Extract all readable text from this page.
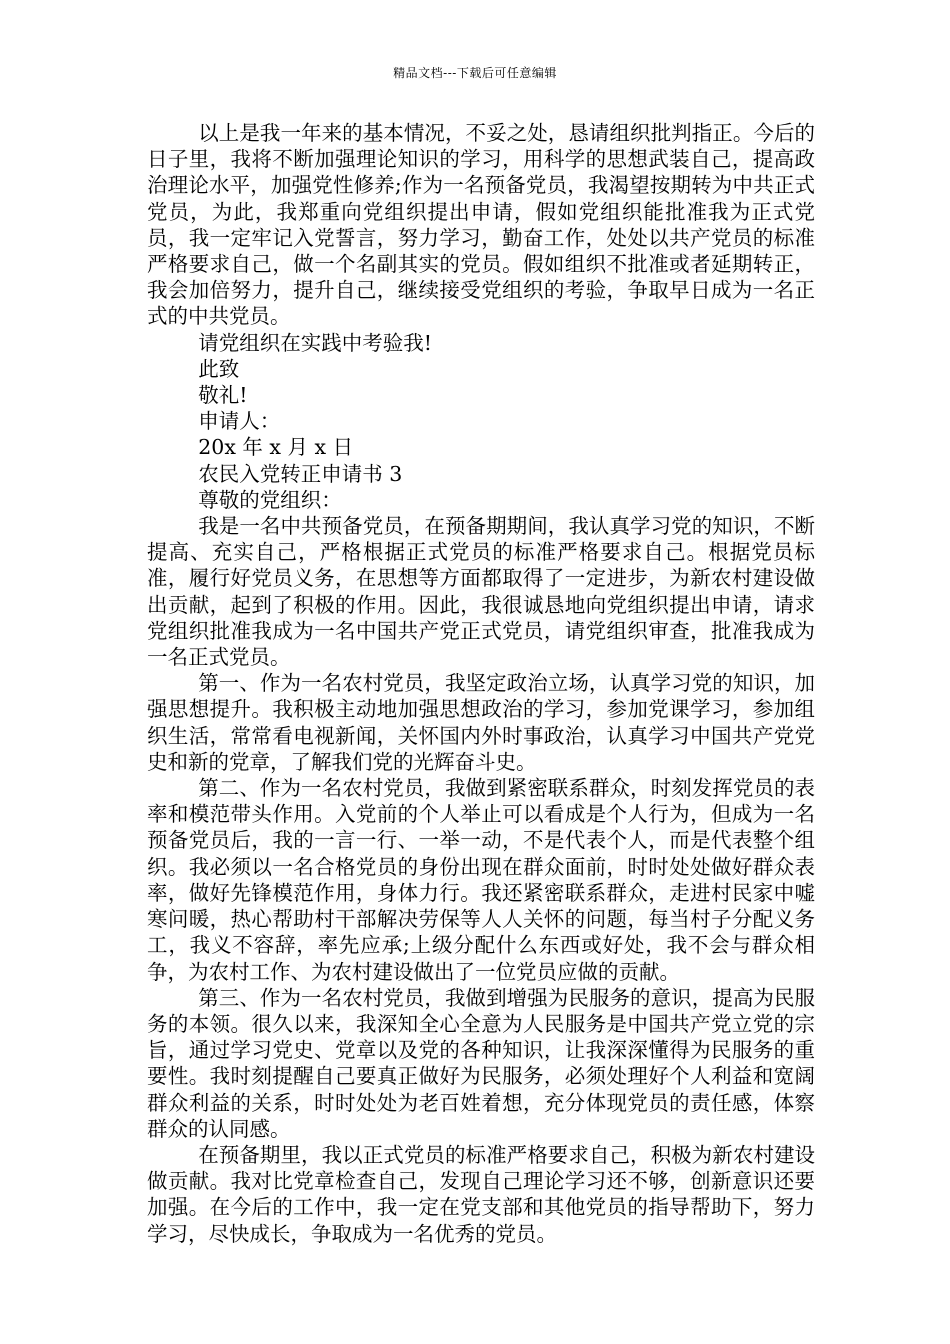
精品文档---下载后可任意编辑

以上是我一年来的基本情况，不妥之处，恳请组织批判指正。今后的日子里，我将不断加强理论知识的学习，用科学的思想武装自己，提高政治理论水平，加强党性修养;作为一名预备党员，我渴望按期转为中共正式党员，为此，我郑重向党组织提出申请，假如党组织能批准我为正式党员，我一定牢记入党誓言，努力学习，勤奋工作，处处以共产党员的标准严格要求自己，做一个名副其实的党员。假如组织不批准或者延期转正，我会加倍努力，提升自己，继续接受党组织的考验，争取早日成为一名正式的中共党员。

请党组织在实践中考验我!

此致

敬礼!

申请人：

20x 年 x 月 x 日

农民入党转正申请书 3

尊敬的党组织：

我是一名中共预备党员，在预备期期间，我认真学习党的知识，不断提高、充实自己，严格根据正式党员的标准严格要求自己。根据党员标准，履行好党员义务，在思想等方面都取得了一定进步，为新农村建设做出贡献，起到了积极的作用。因此，我很诚恳地向党组织提出申请，请求党组织批准我成为一名中国共产党正式党员，请党组织审查，批准我成为一名正式党员。

第一、作为一名农村党员，我坚定政治立场，认真学习党的知识，加强思想提升。我积极主动地加强思想政治的学习，参加党课学习，参加组织生活，常常看电视新闻，关怀国内外时事政治，认真学习中国共产党党史和新的党章，了解我们党的光辉奋斗史。

第二、作为一名农村党员，我做到紧密联系群众，时刻发挥党员的表率和模范带头作用。入党前的个人举止可以看成是个人行为，但成为一名预备党员后，我的一言一行、一举一动，不是代表个人，而是代表整个组织。我必须以一名合格党员的身份出现在群众面前，时时处处做好群众表率，做好先锋模范作用，身体力行。我还紧密联系群众，走进村民家中嘘寒问暖，热心帮助村干部解决劳保等人人关怀的问题，每当村子分配义务工，我义不容辞，率先应承;上级分配什么东西或好处，我不会与群众相争，为农村工作、为农村建设做出了一位党员应做的贡献。

第三、作为一名农村党员，我做到增强为民服务的意识，提高为民服务的本领。很久以来，我深知全心全意为人民服务是中国共产党立党的宗旨，通过学习党史、党章以及党的各种知识，让我深深懂得为民服务的重要性。我时刻提醒自己要真正做好为民服务，必须处理好个人利益和宽阔群众利益的关系，时时处处为老百姓着想，充分体现党员的责任感，体察群众的认同感。

在预备期里，我以正式党员的标准严格要求自己，积极为新农村建设做贡献。我对比党章检查自己，发现自己理论学习还不够，创新意识还要加强。在今后的工作中，我一定在党支部和其他党员的指导帮助下，努力学习，尽快成长，争取成为一名优秀的党员。
